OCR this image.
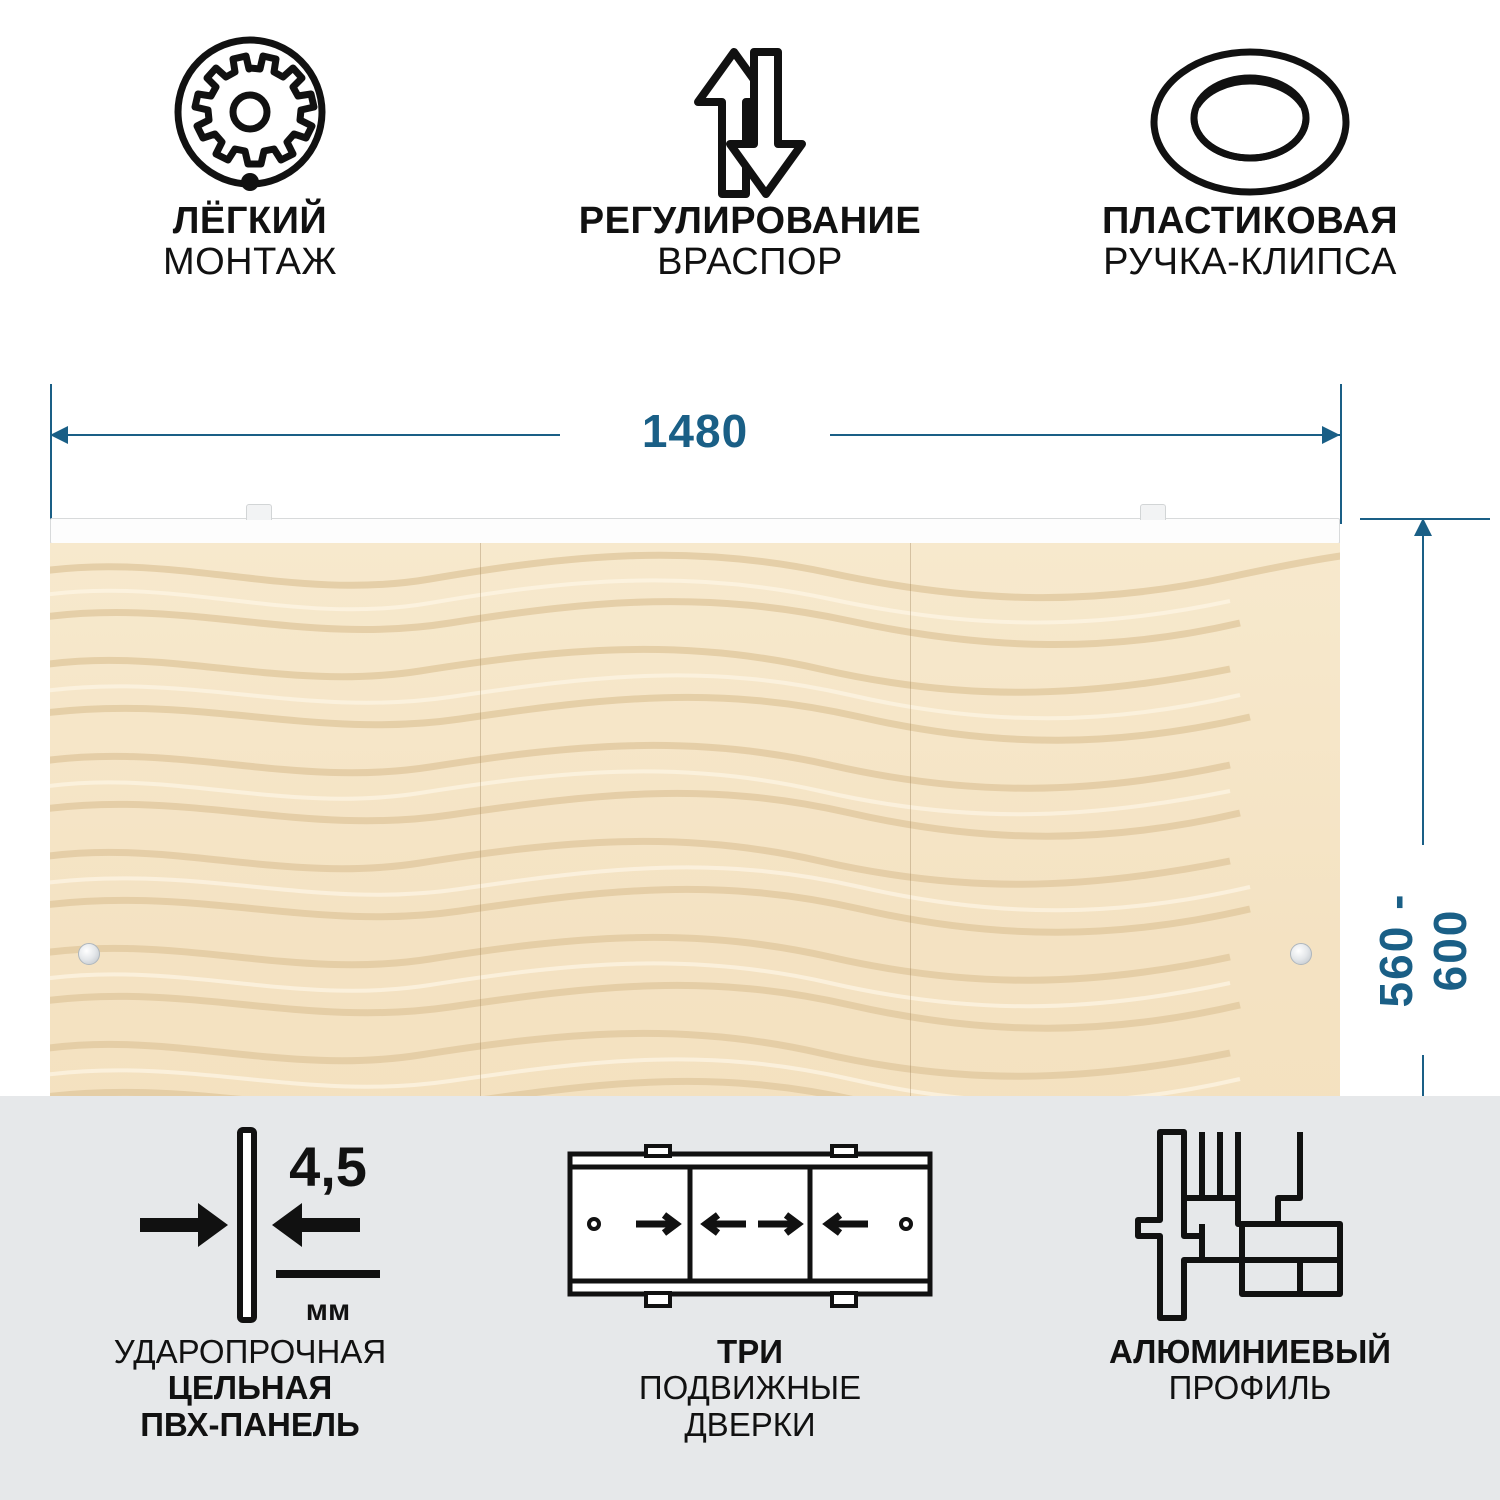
ЛЁГКИЙ
МОНТАЖ
РЕГУЛИРОВАНИЕ
ВРАСПОР
ПЛАСТИКОВАЯ
РУЧКА-КЛИПСА
1480
560 - 600
4,5
мм
УДАРОПРОЧНАЯ
ЦЕЛЬНАЯ
ПВХ-ПАНЕЛЬ
ТРИ
ПОДВИЖНЫЕ
ДВЕРКИ
АЛЮМИНИЕВЫЙ
ПРОФИЛЬ
